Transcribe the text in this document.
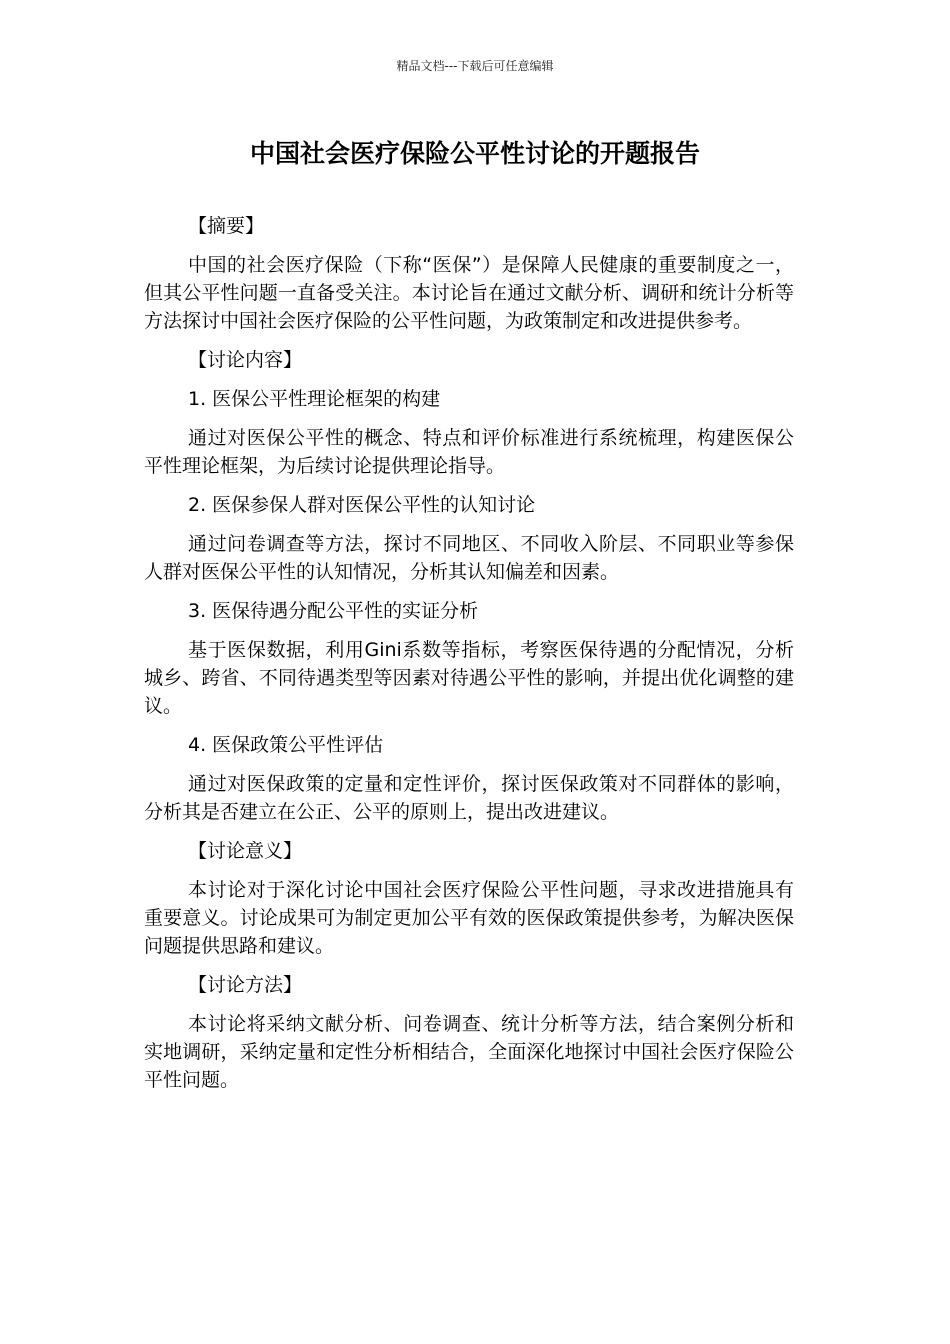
精品文档---下载后可任意编辑
中国社会医疗保险公平性讨论的开题报告

【摘要】

中国的社会医疗保险（下称“医保”）是保障人民健康的重要制度之一，但其公平性问题一直备受关注。本讨论旨在通过文献分析、调研和统计分析等方法探讨中国社会医疗保险的公平性问题，为政策制定和改进提供参考。

【讨论内容】

1. 医保公平性理论框架的构建

通过对医保公平性的概念、特点和评价标准进行系统梳理，构建医保公平性理论框架，为后续讨论提供理论指导。

2. 医保参保人群对医保公平性的认知讨论

通过问卷调查等方法，探讨不同地区、不同收入阶层、不同职业等参保人群对医保公平性的认知情况，分析其认知偏差和因素。

3. 医保待遇分配公平性的实证分析

基于医保数据，利用Gini系数等指标，考察医保待遇的分配情况，分析城乡、跨省、不同待遇类型等因素对待遇公平性的影响，并提出优化调整的建议。

4. 医保政策公平性评估

通过对医保政策的定量和定性评价，探讨医保政策对不同群体的影响，分析其是否建立在公正、公平的原则上，提出改进建议。

【讨论意义】

本讨论对于深化讨论中国社会医疗保险公平性问题，寻求改进措施具有重要意义。讨论成果可为制定更加公平有效的医保政策提供参考，为解决医保问题提供思路和建议。

【讨论方法】

本讨论将采纳文献分析、问卷调查、统计分析等方法，结合案例分析和实地调研，采纳定量和定性分析相结合，全面深化地探讨中国社会医疗保险公平性问题。
